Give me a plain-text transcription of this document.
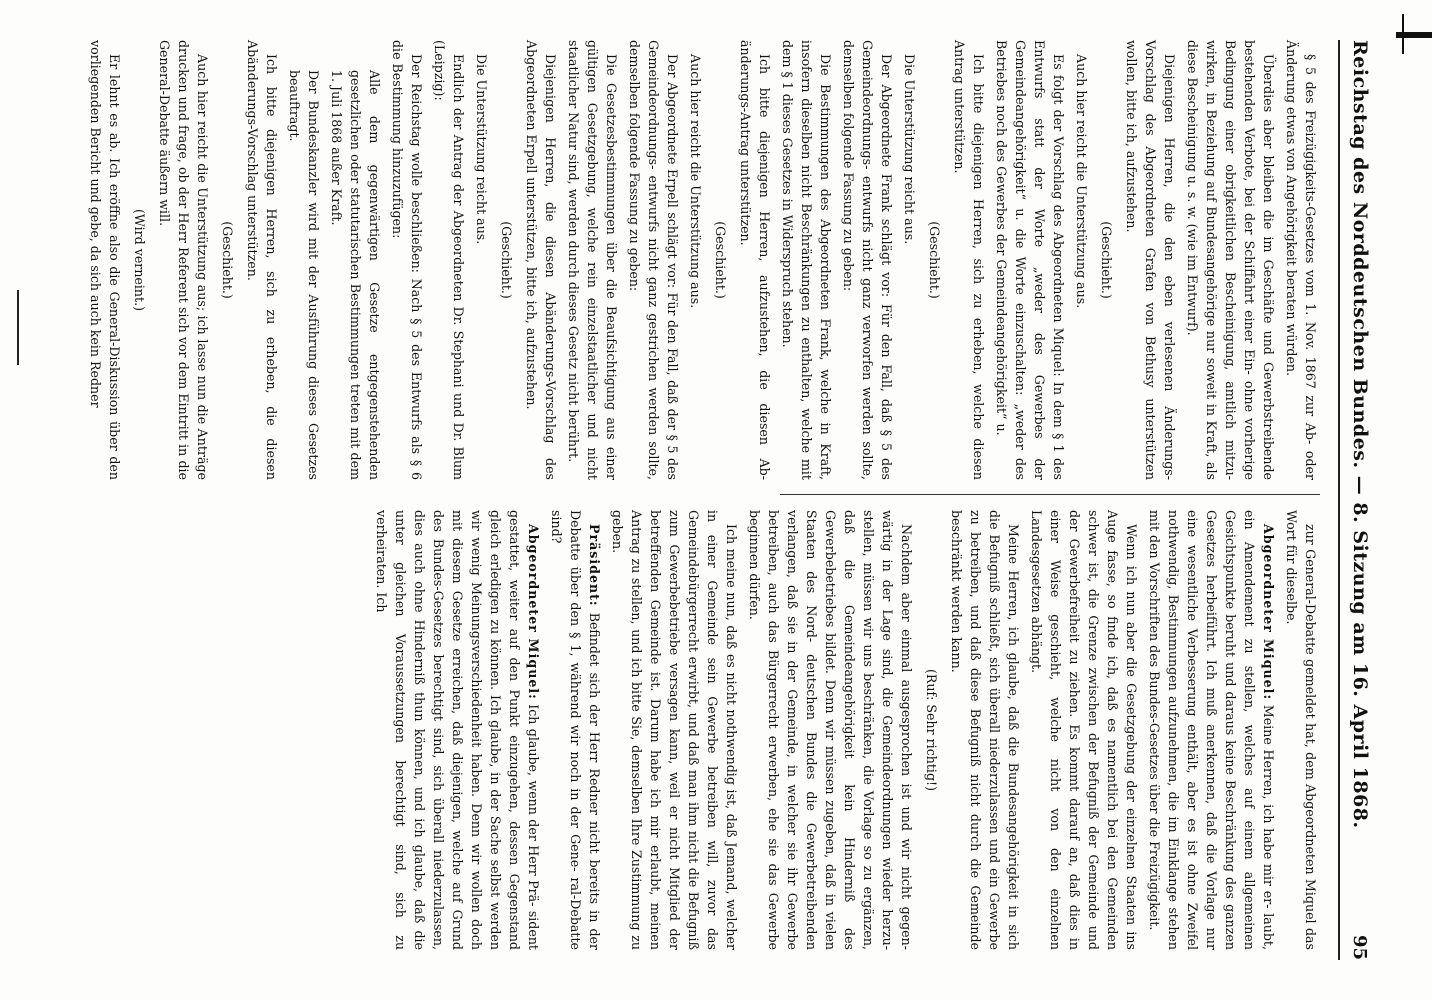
Reichstag des Norddeutschen Bundes. — 8. Sitzung am 16. April 1868.
95

§ 5 des Freizügigkeits-Gesetzes vom 1. Nov. 1867 zur Ab- oder Änderung etwas von Angehörigkeit beraten würden.

Überdies aber bleiben die im Geschäfte und Gewerbstreibende bestehenden Verbote, bei der Schiffahrt einer Ein- ohne vorherige Bedingung einer obrigkeitlichen Bescheinigung, amtlich mitzu- wirken, in Beziehung auf Bundesangehörige nur soweit in Kraft, als diese Bescheinigung u. s. w. (wie im Entwurf).

Diejenigen Herren, die den eben verlesenen Änderungs- Vorschlag des Abgeordneten Grafen von Bethusy unterstützen wollen, bitte ich, aufzustehen.

(Geschieht.)

Auch hier reicht die Unterstützung aus.

Es folgt der Vorschlag des Abgeordneten Miquel: In dem § 1 des Entwurfs statt der Worte „weder des Gewerbes der Gemeindeangehörigkeit“ u. die Worte einzuschalten: „weder des Betriebes noch des Gewerbes der Gemeindeangehörigkeit“ u.

Ich bitte diejenigen Herren, sich zu erheben, welche diesen Antrag unterstützen.

(Geschieht.)

Die Unterstützung reicht aus.

Der Abgeordnete Frank schlägt vor: Für den Fall, daß § 5 des Gemeindeordnungs- entwurfs nicht ganz verworfen werden sollte, demselben folgende Fassung zu geben:

Die Bestimmungen des Abgeordneten Frank, welche in Kraft, insofern dieselben nicht Beschränkungen zu enthalten, welche mit dem § 1 dieses Gesetzes in Widerspruch stehen.

Ich bitte diejenigen Herren, aufzustehen, die diesen Ab- änderungs-Antrag unterstützen.

(Geschieht.)

Auch hier reicht die Unterstützung aus.

Der Abgeordnete Erpell schlägt vor: Für den Fall, daß der § 5 des Gemeindeordnungs- entwurfs nicht ganz gestrichen werden sollte, demselben folgende Fassung zu geben:

Die Gesetzesbestimmungen über die Beaufsichtigung aus einer gültigen Gesetzgebung, welche rein einzelstaatlicher und nicht staatlicher Natur sind, werden durch dieses Gesetz nicht berührt.

Diejenigen Herren, die diesen Abänderungs-Vorschlag des Abgeordneten Erpell unterstützen, bitte ich, aufzustehen.

(Geschieht.)

Die Unterstützung reicht aus.

Endlich der Antrag der Abgeordneten Dr. Stephani und Dr. Blum (Leipzig):

Der Reichstag wolle beschließen: Nach § 5 des Entwurfs als § 6 die Bestimmung hinzuzufügen:

Alle dem gegenwärtigen Gesetze entgegenstehenden gesetzlichen oder statutarischen Bestimmungen treten mit dem 1. Juli 1868 außer Kraft.

Der Bundeskanzler wird mit der Ausführung dieses Gesetzes beauftragt.

Ich bitte diejenigen Herren, sich zu erheben, die diesen Abänderungs-Vorschlag unterstützen.

(Geschieht.)

Auch hier reicht die Unterstützung aus; ich lasse nun die Anträge drucken und frage, ob der Herr Referent sich vor dem Eintritt in die General-Debatte äußern will.

(Wird verneint.)

Er lehnt es ab. Ich eröffne also die General-Diskussion über den vorliegenden Bericht und gebe, da sich auch kein Redner

zur General-Debatte gemeldet hat, dem Abgeordneten Miquel das Wort für dieselbe.

Abgeordneter Miquel: Meine Herren, ich habe mir er- laubt, ein Amendement zu stellen, welches auf einem allgemeinen Gesichtspunkte beruht und daraus keine Beschränkung des ganzen Gesetzes herbeiführt. Ich muß anerkennen, daß die Vorlage nur eine wesentliche Verbesserung enthält, aber es ist ohne Zweifel nothwendig, Bestimmungen aufzunehmen, die im Einklange stehen mit den Vorschriften des Bundes-Gesetzes über die Freizügigkeit.

Wenn ich nun aber die Gesetzgebung der einzelnen Staaten ins Auge fasse, so finde ich, daß es namentlich bei den Gemeinden schwer ist, die Grenze zwischen der Befugniß der Gemeinde und der Gewerbefreiheit zu ziehen. Es kommt darauf an, daß dies in einer Weise geschieht, welche nicht von den einzelnen Landesgesetzen abhängt.

Meine Herren, ich glaube, daß die Bundesangehörigkeit in sich die Befugniß schließt, sich überall niederzulassen und ein Gewerbe zu betreiben, und daß diese Befugniß nicht durch die Gemeinde beschränkt werden kann.

(Ruf: Sehr richtig!)

Nachdem aber einmal ausgesprochen ist und wir nicht gegen- wärtig in der Lage sind, die Gemeindeordnungen wieder herzu- stellen, müssen wir uns beschränken, die Vorlage so zu ergänzen, daß die Gemeindeangehörigkeit kein Hinderniß des Gewerbebetriebes bildet. Denn wir müssen zugeben, daß in vielen Staaten des Nord- deutschen Bundes die Gewerbetreibenden verlangen, daß sie in der Gemeinde, in welcher sie ihr Gewerbe betreiben, auch das Bürgerrecht erwerben, ehe sie das Gewerbe beginnen dürfen.

Ich meine nun, daß es nicht nothwendig ist, daß Jemand, welcher in einer Gemeinde sein Gewerbe betreiben will, zuvor das Gemeindebürgerrecht erwirbt, und daß man ihm nicht die Befugniß zum Gewerbebetriebe versagen kann, weil er nicht Mitglied der betreffenden Gemeinde ist. Darum habe ich mir erlaubt, meinen Antrag zu stellen, und ich bitte Sie, demselben Ihre Zustimmung zu geben.

Präsident: Befindet sich der Herr Redner nicht bereits in der Debatte über den § 1, während wir noch in der Gene- ral-Debatte sind?

Abgeordneter Miquel: Ich glaube, wenn der Herr Prä- sident gestattet, weiter auf den Punkt einzugehen, dessen Gegenstand gleich erledigen zu können. Ich glaube, in der Sache selbst werden wir wenig Meinungsverschiedenheit haben. Denn wir wollen doch mit diesem Gesetze erreichen, daß diejenigen, welche auf Grund des Bundes-Gesetzes berechtigt sind, sich überall niederzulassen, dies auch ohne Hinderniß thun können, und ich glaube, daß die unter gleichen Voraussetzungen berechtigt sind, sich zu verheiraten. Ich
